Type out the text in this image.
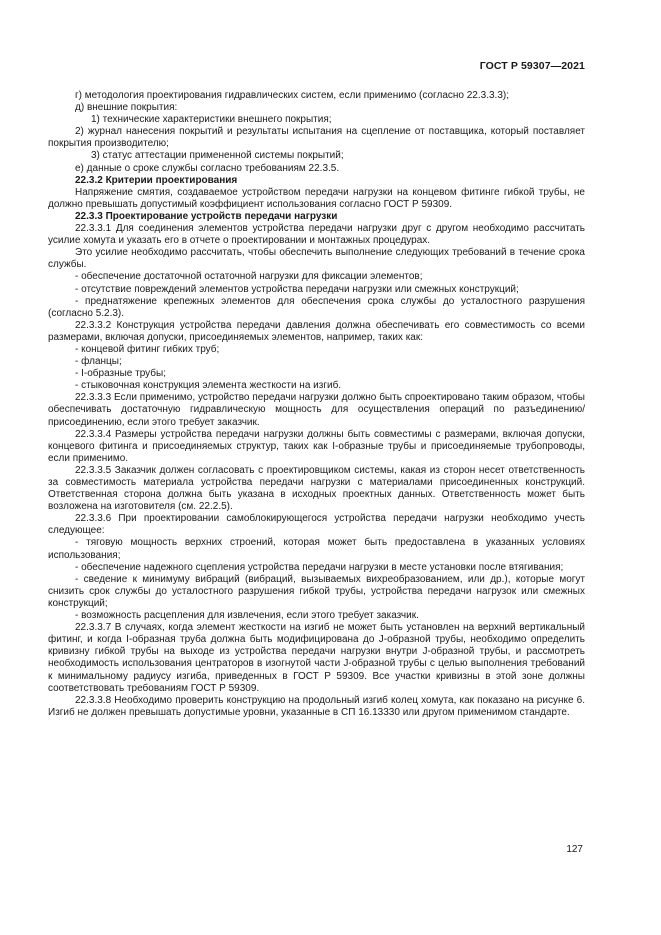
ГОСТ Р 59307—2021

г) методология проектирования гидравлических систем, если применимо (согласно 22.3.3.3);

д) внешние покрытия:

1) технические характеристики внешнего покрытия;

2) журнал нанесения покрытий и результаты испытания на сцепление от поставщика, который поставляет покрытия производителю;

3) статус аттестации примененной системы покрытий;

е) данные о сроке службы согласно требованиям 22.3.5.

22.3.2 Критерии проектирования

Напряжение смятия, создаваемое устройством передачи нагрузки на концевом фитинге гибкой трубы, не должно превышать допустимый коэффициент использования согласно ГОСТ Р 59309.

22.3.3 Проектирование устройств передачи нагрузки

22.3.3.1 Для соединения элементов устройства передачи нагрузки друг с другом необходимо рассчитать усилие хомута и указать его в отчете о проектировании и монтажных процедурах.

Это усилие необходимо рассчитать, чтобы обеспечить выполнение следующих требований в течение срока службы.

- обеспечение достаточной остаточной нагрузки для фиксации элементов;

- отсутствие повреждений элементов устройства передачи нагрузки или смежных конструкций;

- преднатяжение крепежных элементов для обеспечения срока службы до усталостного разрушения (согласно 5.2.3).

22.3.3.2 Конструкция устройства передачи давления должна обеспечивать его совместимость со всеми размерами, включая допуски, присоединяемых элементов, например, таких как:

- концевой фитинг гибких труб;

- фланцы;

- I-образные трубы;

- стыковочная конструкция элемента жесткости на изгиб.

22.3.3.3 Если применимо, устройство передачи нагрузки должно быть спроектировано таким образом, чтобы обеспечивать достаточную гидравлическую мощность для осуществления операций по разъединению/присоединению, если этого требует заказчик.

22.3.3.4 Размеры устройства передачи нагрузки должны быть совместимы с размерами, включая допуски, концевого фитинга и присоединяемых структур, таких как I-образные трубы и присоединяемые трубопроводы, если применимо.

22.3.3.5 Заказчик должен согласовать с проектировщиком системы, какая из сторон несет ответственность за совместимость материала устройства передачи нагрузки с материалами присоединенных конструкций. Ответственная сторона должна быть указана в исходных проектных данных. Ответственность может быть возложена на изготовителя (см. 22.2.5).

22.3.3.6 При проектировании самоблокирующегося устройства передачи нагрузки необходимо учесть следующее:

- тяговую мощность верхних строений, которая может быть предоставлена в указанных условиях использования;

- обеспечение надежного сцепления устройства передачи нагрузки в месте установки после втягивания;

- сведение к минимуму вибраций (вибраций, вызываемых вихреобразованием, или др.), которые могут снизить срок службы до усталостного разрушения гибкой трубы, устройства передачи нагрузок или смежных конструкций;

- возможность расцепления для извлечения, если этого требует заказчик.

22.3.3.7 В случаях, когда элемент жесткости на изгиб не может быть установлен на верхний вертикальный фитинг, и когда I-образная труба должна быть модифицирована до J-образной трубы, необходимо определить кривизну гибкой трубы на выходе из устройства передачи нагрузки внутри J-образной трубы, и рассмотреть необходимость использования центраторов в изогнутой части J-образной трубы с целью выполнения требований к минимальному радиусу изгиба, приведенных в ГОСТ Р 59309. Все участки кривизны в этой зоне должны соответствовать требованиям ГОСТ Р 59309.

22.3.3.8 Необходимо проверить конструкцию на продольный изгиб колец хомута, как показано на рисунке 6. Изгиб не должен превышать допустимые уровни, указанные в СП 16.13330 или другом применимом стандарте.

127
